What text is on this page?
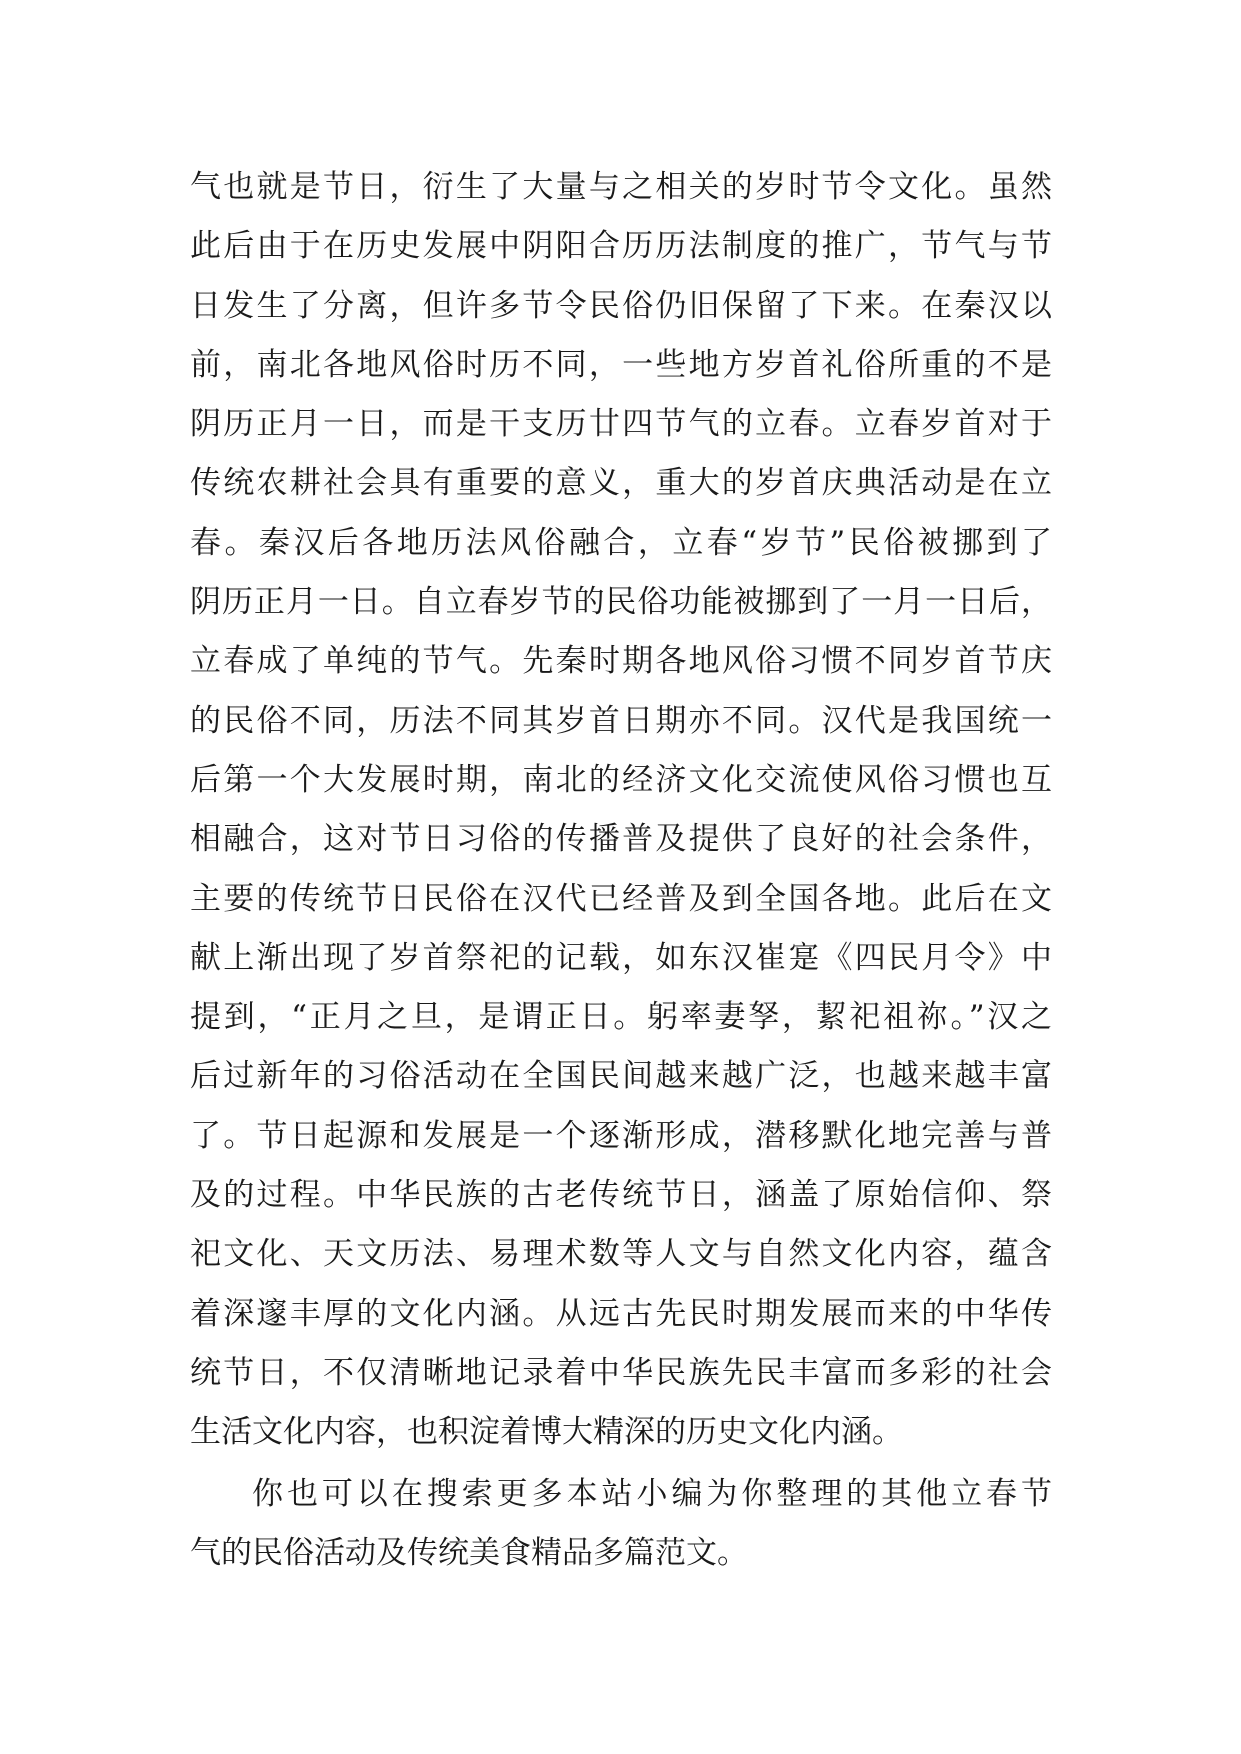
气也就是节日，衍生了大量与之相关的岁时节令文化。虽然
此后由于在历史发展中阴阳合历历法制度的推广，节气与节
日发生了分离，但许多节令民俗仍旧保留了下来。在秦汉以
前，南北各地风俗时历不同，一些地方岁首礼俗所重的不是
阴历正月一日，而是干支历廿四节气的立春。立春岁首对于
传统农耕社会具有重要的意义，重大的岁首庆典活动是在立
春。秦汉后各地历法风俗融合，立春“岁节”民俗被挪到了
阴历正月一日。自立春岁节的民俗功能被挪到了一月一日后，
立春成了单纯的节气。先秦时期各地风俗习惯不同岁首节庆
的民俗不同，历法不同其岁首日期亦不同。汉代是我国统一
后第一个大发展时期，南北的经济文化交流使风俗习惯也互
相融合，这对节日习俗的传播普及提供了良好的社会条件，
主要的传统节日民俗在汉代已经普及到全国各地。此后在文
献上渐出现了岁首祭祀的记载，如东汉崔寔《四民月令》中
提到，“正月之旦，是谓正日。躬率妻孥，絜祀祖祢。”汉之
后过新年的习俗活动在全国民间越来越广泛，也越来越丰富
了。节日起源和发展是一个逐渐形成，潜移默化地完善与普
及的过程。中华民族的古老传统节日，涵盖了原始信仰、祭
祀文化、天文历法、易理术数等人文与自然文化内容，蕴含
着深邃丰厚的文化内涵。从远古先民时期发展而来的中华传
统节日，不仅清晰地记录着中华民族先民丰富而多彩的社会
生活文化内容，也积淀着博大精深的历史文化内涵。
你也可以在搜索更多本站小编为你整理的其他立春节
气的民俗活动及传统美食精品多篇范文。
